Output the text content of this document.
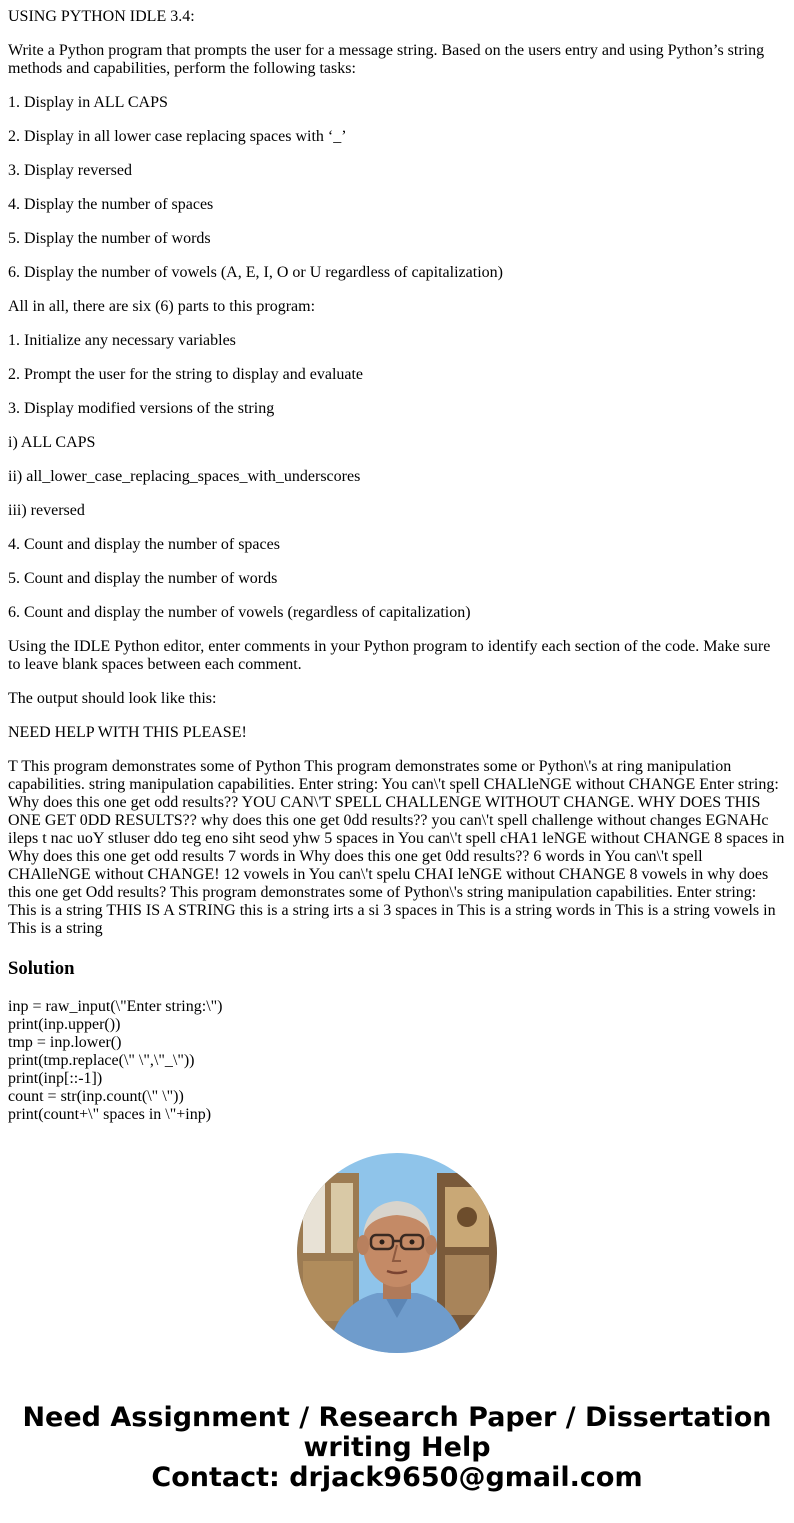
USING PYTHON IDLE 3.4:

Write a Python program that prompts the user for a message string. Based on the users entry and using Python’s string methods and capabilities, perform the following tasks:

1. Display in ALL CAPS

2. Display in all lower case replacing spaces with ‘_’

3. Display reversed

4. Display the number of spaces

5. Display the number of words

6. Display the number of vowels (A, E, I, O or U regardless of capitalization)

All in all, there are six (6) parts to this program:

1. Initialize any necessary variables

2. Prompt the user for the string to display and evaluate

3. Display modified versions of the string

i) ALL CAPS

ii) all_lower_case_replacing_spaces_with_underscores

iii) reversed

4. Count and display the number of spaces

5. Count and display the number of words

6. Count and display the number of vowels (regardless of capitalization)

Using the IDLE Python editor, enter comments in your Python program to identify each section of the code. Make sure to leave blank spaces between each comment.

The output should look like this:

NEED HELP WITH THIS PLEASE!

T This program demonstrates some of Python This program demonstrates some or Python\'s at ring manipulation capabilities. string manipulation capabilities. Enter string: You can\'t spell CHALleNGE without CHANGE Enter string: Why does this one get odd results?? YOU CAN\'T SPELL CHALLENGE WITHOUT CHANGE. WHY DOES THIS ONE GET 0DD RESULTS?? why does this one get 0dd results?? you can\'t spell challenge without changes EGNAHc ileps t nac uoY stluser ddo teg eno siht seod yhw 5 spaces in You can\'t spell cHA1 leNGE without CHANGE 8 spaces in Why does this one get odd results 7 words in Why does this one get 0dd results?? 6 words in You can\'t spell CHAlleNGE without CHANGE! 12 vowels in You can\'t spelu CHAI leNGE without CHANGE 8 vowels in why does this one get Odd results? This program demonstrates some of Python\'s string manipulation capabilities. Enter string: This is a string THIS IS A STRING this is a string irts a si 3 spaces in This is a string words in This is a string vowels in This is a string

Solution
inp = raw_input(\"Enter string:\")
print(inp.upper())
tmp = inp.lower()
print(tmp.replace(\" \",\"_\"))
print(inp[::-1])
count = str(inp.count(\" \"))
print(count+\" spaces in \"+inp)
Need Assignment / Research Paper / Dissertation
writing Help
Contact: drjack9650@gmail.com
